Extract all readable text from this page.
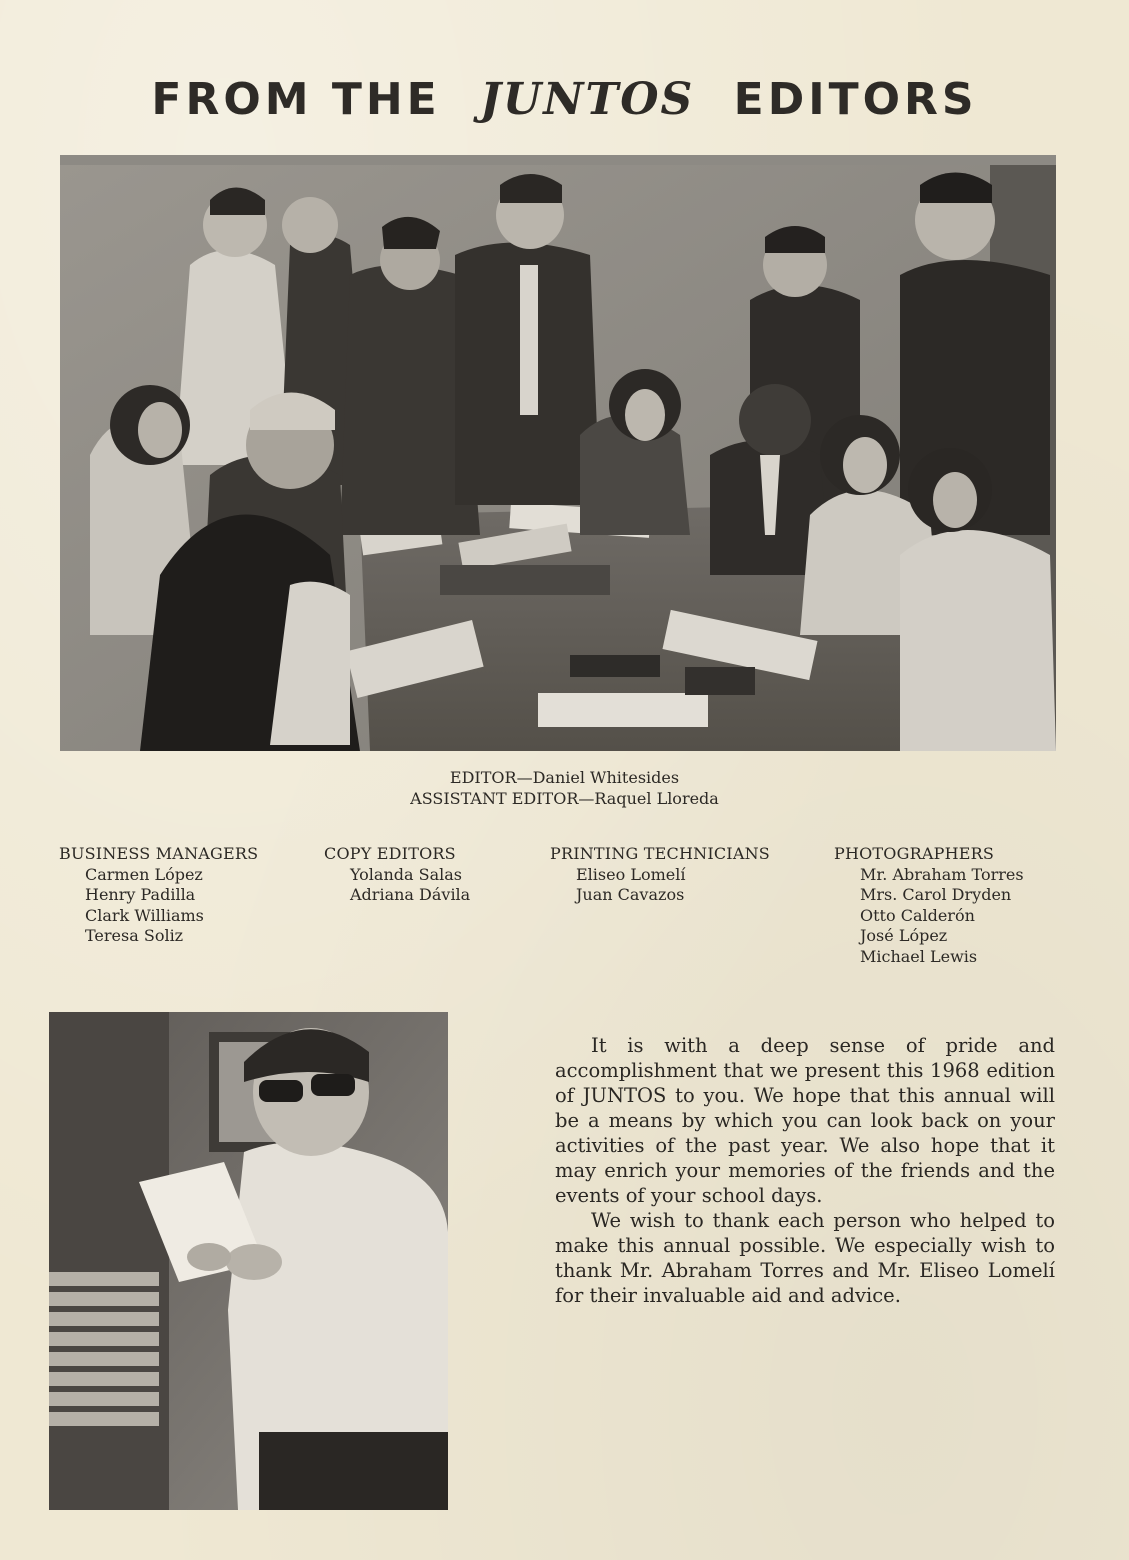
FROM THE JUNTOS EDITORS
EDITOR—Daniel Whitesides
ASSISTANT EDITOR—Raquel Lloreda
BUSINESS MANAGERS
Carmen López
Henry Padilla
Clark Williams
Teresa Soliz
COPY EDITORS
Yolanda Salas
Adriana Dávila
PRINTING TECHNICIANS
Eliseo Lomelí
Juan Cavazos
PHOTOGRAPHERS
Mr. Abraham Torres
Mrs. Carol Dryden
Otto Calderón
José López
Michael Lewis

It is with a deep sense of pride and accomplishment that we present this 1968 edition of JUNTOS to you. We hope that this annual will be a means by which you can look back on your activities of the past year. We also hope that it may enrich your memories of the friends and the events of your school days.

We wish to thank each person who helped to make this annual possible. We especially wish to thank Mr. Abraham Torres and Mr. Eliseo Lomelí for their invaluable aid and advice.
